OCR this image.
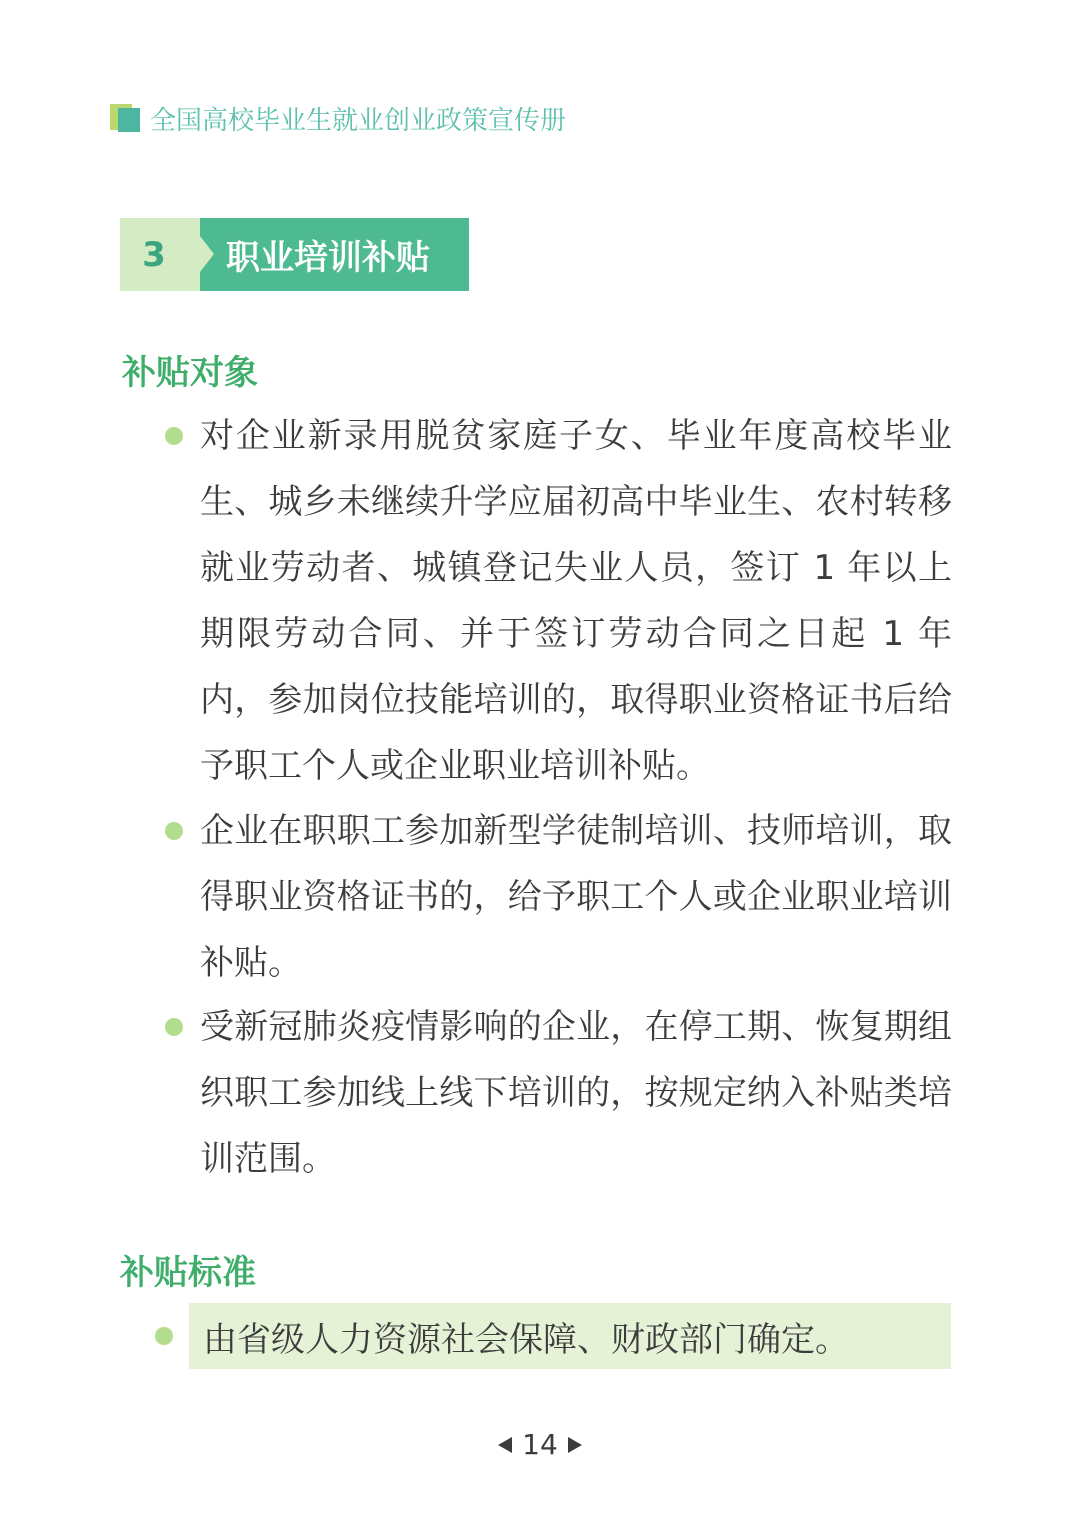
全国高校毕业生就业创业政策宣传册
3	职业培训补贴
补贴对象
对企业新录用脱贫家庭子女、毕业年度高校毕业生、城乡未继续升学应届初高中毕业生、农村转移就业劳动者、城镇登记失业人员，签订 1 年以上期限劳动合同、并于签订劳动合同之日起 1 年内，参加岗位技能培训的，取得职业资格证书后给予职工个人或企业职业培训补贴。
企业在职职工参加新型学徒制培训、技师培训，取得职业资格证书的，给予职工个人或企业职业培训补贴。
受新冠肺炎疫情影响的企业，在停工期、恢复期组织职工参加线上线下培训的，按规定纳入补贴类培训范围。
补贴标准
由省级人力资源社会保障、财政部门确定。
14
